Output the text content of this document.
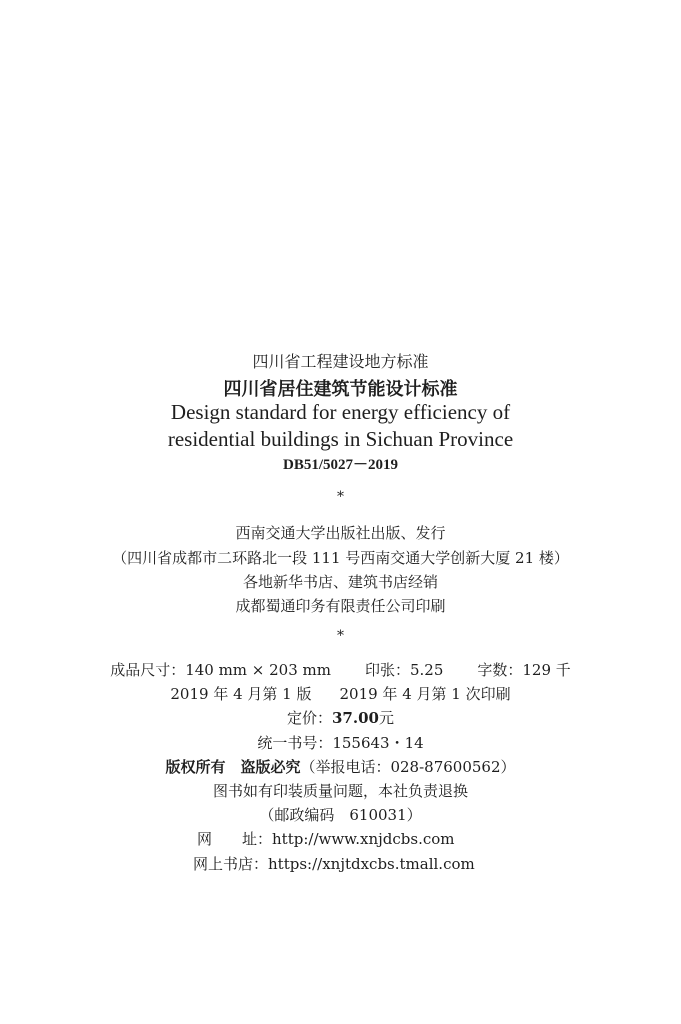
四川省工程建设地方标准
四川省居住建筑节能设计标准
Design standard for energy efficiency of
residential buildings in Sichuan Province
DB51/5027－2019
*
西南交通大学出版社出版、发行
（四川省成都市二环路北一段 111 号西南交通大学创新大厦 21 楼）
各地新华书店、建筑书店经销
成都蜀通印务有限责任公司印刷
*
成品尺寸：140 mm × 203 mm 印张：5.25 字数：129 千
2019 年 4 月第 1 版 2019 年 4 月第 1 次印刷
定价：37.00元
统一书号：155643・14
版权所有　盗版必究（举报电话：028-87600562）
图书如有印装质量问题，本社负责退换
（邮政编码　610031）
网　　址：http://www.xnjdcbs.com
网上书店：https://xnjtdxcbs.tmall.com
